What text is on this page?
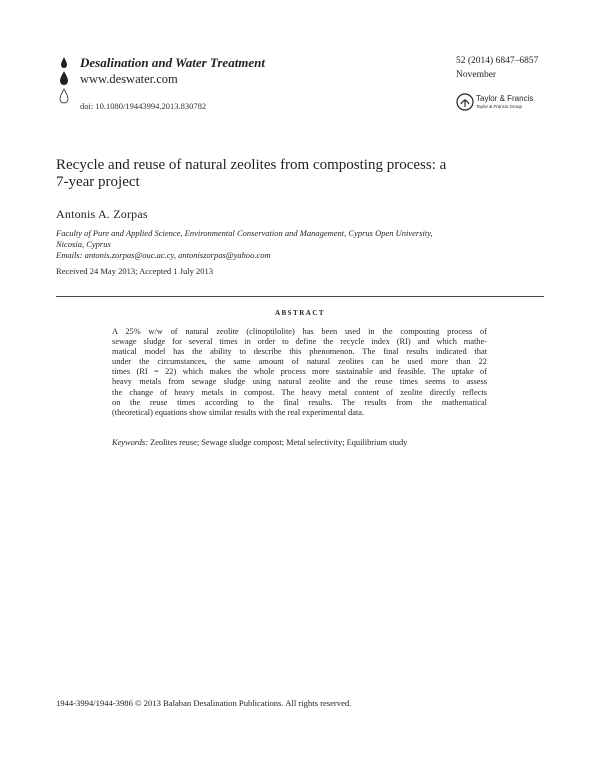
Desalination and Water Treatment
www.deswater.com
doi: 10.1080/19443994.2013.830782
52 (2014) 6847–6857
November
Taylor & Francis
Taylor & Francis Group
Recycle and reuse of natural zeolites from composting process: a
7-year project
Antonis A. Zorpas
Faculty of Pure and Applied Science, Environmental Conservation and Management, Cyprus Open University,
Nicosia, Cyprus
Emails: antonis.zorpas@ouc.ac.cy, antoniszorpas@yahoo.com
Received 24 May 2013; Accepted 1 July 2013
ABSTRACT
A 25% w/w of natural zeolite (clinoptilolite) has been used in the composting process of
sewage sludge for several times in order to define the recycle index (RI) and which mathe-
matical model has the ability to describe this phenomenon. The final results indicated that
under the circumstances, the same amount of natural zeolites can be used more than 22
times (RI = 22) which makes the whole process more sustainable and feasible. The uptake of
heavy metals from sewage sludge using natural zeolite and the reuse times seems to assess
the change of heavy metals in compost. The heavy metal content of zeolite directly reflects
on the reuse times according to the final results. The results from the mathematical
(theoretical) equations show similar results with the real experimental data.
Keywords: Zeolites reuse; Sewage sludge compost; Metal selectivity; Equilibrium study
1944-3994/1944-3986 © 2013 Balaban Desalination Publications. All rights reserved.
